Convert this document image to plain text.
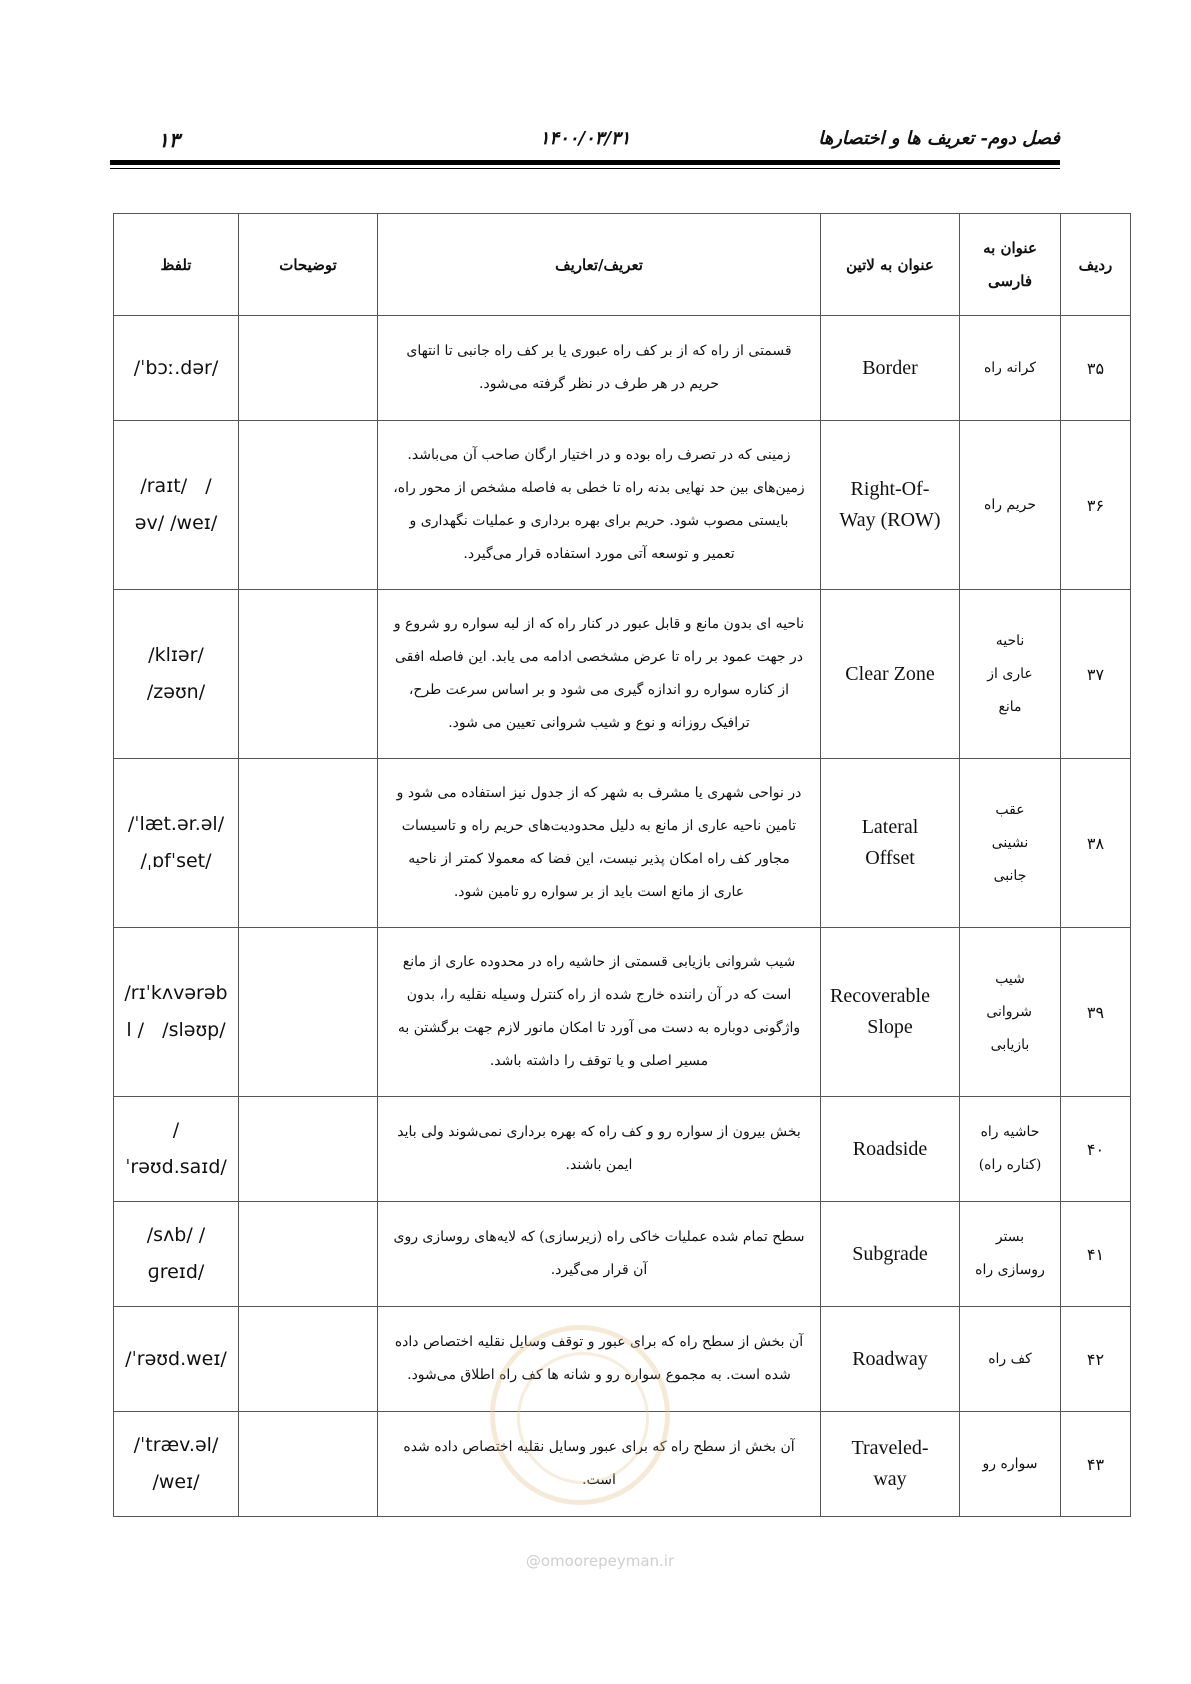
فصل دوم- تعریف ها و اختصارها
۱۴۰۰/۰۳/۳۱
۱۳
ردیف	عنوان به فارسی	عنوان به لاتین	تعریف/تعاریف	توضیحات	تلفظ
۳۵	کرانه راه	Border	قسمتی از راه که از بر کف راه عبوری یا بر کف راه جانبی تا انتهای حریم در هر طرف در نظر گرفته می‌شود.		/ˈbɔː.dər/
۳۶	حریم راه	Right-Of-Way (ROW)	زمینی که در تصرف راه بوده و در اختیار ارگان صاحب آن می‌باشد. زمین‌های بین حد نهایی بدنه راه تا خطی به فاصله مشخص از محور راه، بایستی مصوب شود. حریم برای بهره برداری و عملیات نگهداری و تعمیر و توسعه آتی مورد استفاده قرار می‌گیرد.		/raɪt/   /əv/ /weɪ/
۳۷	ناحیه عاری از مانع	Clear Zone	ناحیه ای بدون مانع و قابل عبور در کنار راه که از لبه سواره رو شروع و در جهت عمود بر راه تا عرض مشخصی ادامه می یابد. این فاصله افقی از کناره سواره رو اندازه گیری می شود و بر اساس سرعت طرح، ترافیک روزانه و نوع و شیب شروانی تعیین می شود.		/klɪər/ /zəʊn/
۳۸	عقب نشینی جانبی	Lateral Offset	در نواحی شهری یا مشرف به شهر که از جدول نیز استفاده می شود و تامین ناحیه عاری از مانع به دلیل محدودیت‌های حریم راه و تاسیسات مجاور کف راه امکان پذیر نیست، این فضا که معمولا کمتر از ناحیه عاری از مانع است باید از بر سواره رو تامین شود.		/ˈlæt.ər.əl/ /ˌɒfˈset/
۳۹	شیب شروانی بازیابی	Recoverable Slope	شیب شروانی بازیابی قسمتی از حاشیه راه در محدوده عاری از مانع است که در آن راننده خارج شده از راه کنترل وسیله نقلیه را، بدون واژگونی دوباره به دست می آورد تا امکان مانور لازم جهت برگشتن به مسیر اصلی و یا توقف را داشته باشد.		/rɪˈkʌvərəbl /   /sləʊp/
۴۰	حاشیه راه (کناره راه)	Roadside	بخش بیرون از سواره رو و کف راه که بهره برداری نمی‌شوند ولی باید ایمن باشند.		/ˈrəʊd.saɪd/
۴۱	بستر روسازی راه	Subgrade	سطح تمام شده عملیات خاکی راه (زیرسازی) که لایه‌های روسازی روی آن قرار می‌گیرد.		/sʌb/ /ɡreɪd/
۴۲	کف راه	Roadway	آن بخش از سطح راه که برای عبور و توقف وسایل نقلیه اختصاص داده شده است. به مجموع سواره رو و شانه ها کف راه اطلاق می‌شود.		/ˈrəʊd.weɪ/
۴۳	سواره رو	Traveled-way	آن بخش از سطح راه که برای عبور وسایل نقلیه اختصاص داده شده است.		/ˈtræv.əl/ /weɪ/
@omoorepeyman.ir
